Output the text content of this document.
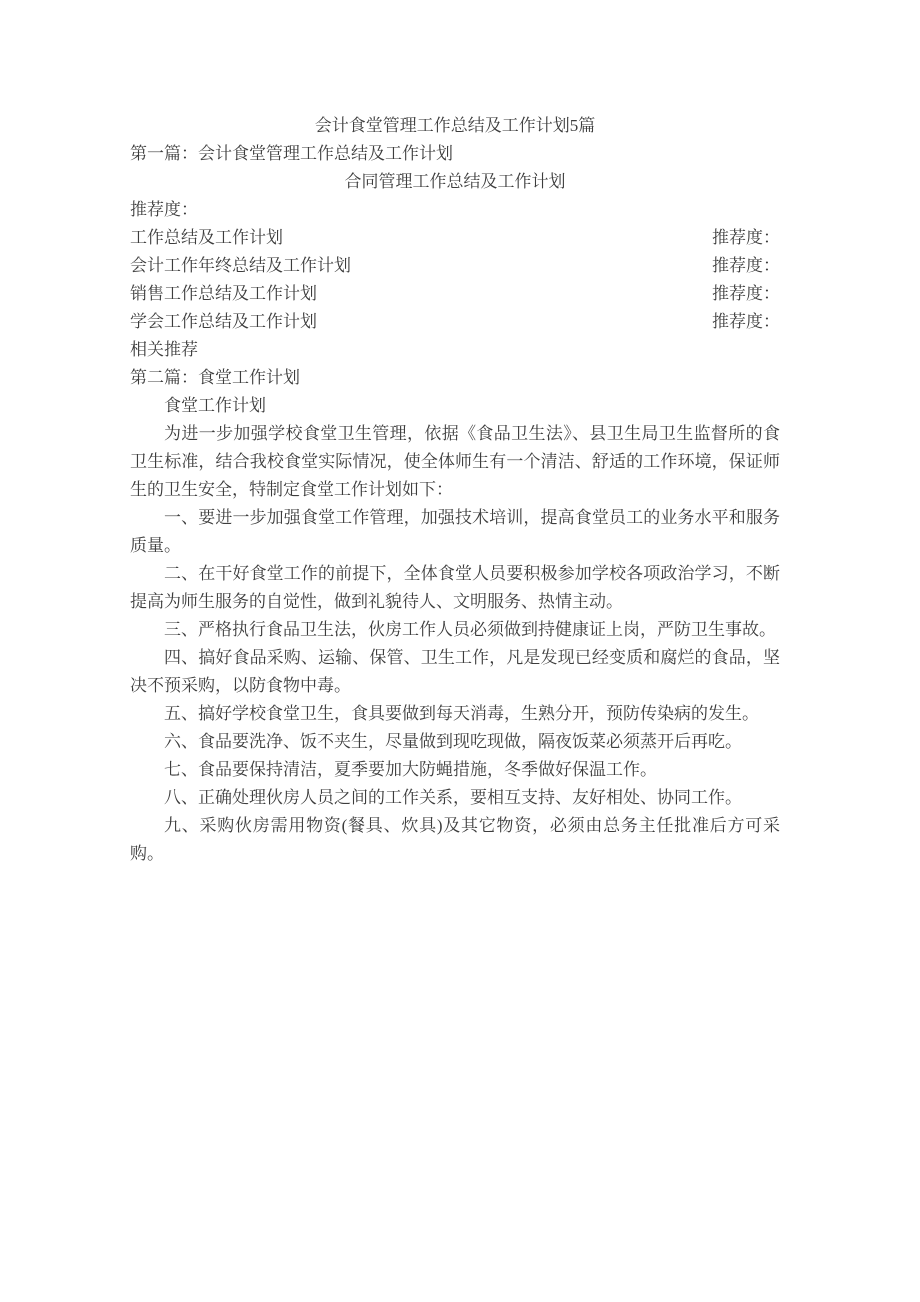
会计食堂管理工作总结及工作计划5篇

第一篇：会计食堂管理工作总结及工作计划

合同管理工作总结及工作计划

推荐度：

工作总结及工作计划	推荐度：
会计工作年终总结及工作计划	推荐度：
销售工作总结及工作计划	推荐度：
学会工作总结及工作计划	推荐度：

相关推荐

第二篇：食堂工作计划

食堂工作计划

为进一步加强学校食堂卫生管理，依据《食品卫生法》、县卫生局卫生监督所的食卫生标准，结合我校食堂实际情况，使全体师生有一个清洁、舒适的工作环境，保证师生的卫生安全，特制定食堂工作计划如下：

一、要进一步加强食堂工作管理，加强技术培训，提高食堂员工的业务水平和服务质量。

二、在干好食堂工作的前提下，全体食堂人员要积极参加学校各项政治学习，不断提高为师生服务的自觉性，做到礼貌待人、文明服务、热情主动。

三、严格执行食品卫生法，伙房工作人员必须做到持健康证上岗，严防卫生事故。

四、搞好食品采购、运输、保管、卫生工作，凡是发现已经变质和腐烂的食品，坚决不预采购，以防食物中毒。

五、搞好学校食堂卫生，食具要做到每天消毒，生熟分开，预防传染病的发生。

六、食品要洗净、饭不夹生，尽量做到现吃现做，隔夜饭菜必须蒸开后再吃。

七、食品要保持清洁，夏季要加大防蝇措施，冬季做好保温工作。

八、正确处理伙房人员之间的工作关系，要相互支持、友好相处、协同工作。

九、采购伙房需用物资(餐具、炊具)及其它物资，必须由总务主任批准后方可采购。
